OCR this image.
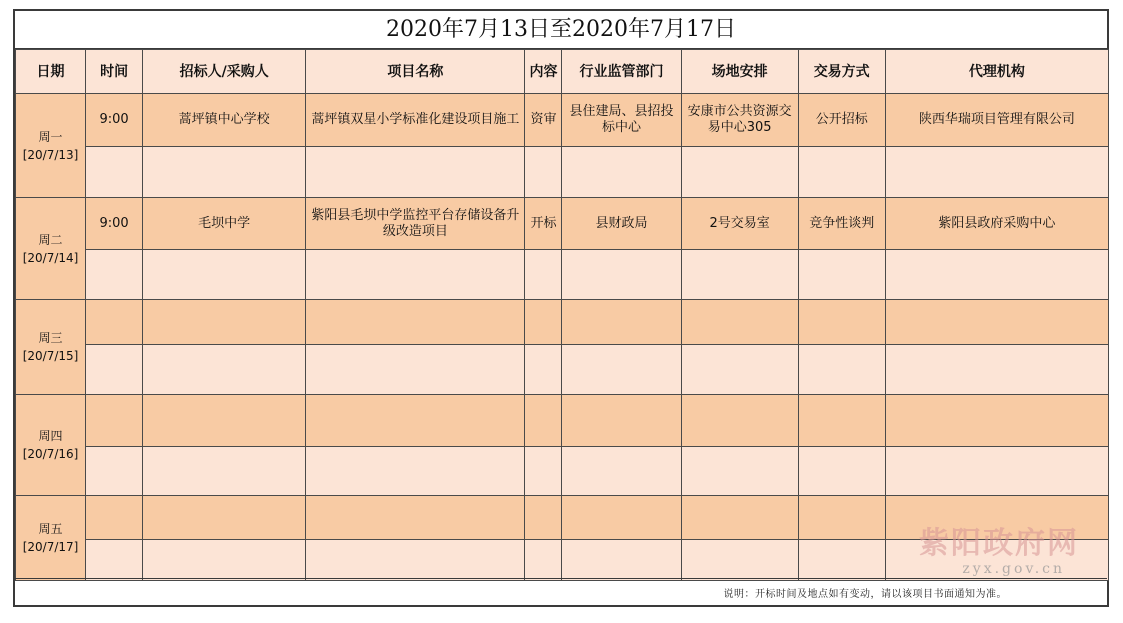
2020年7月13日至2020年7月17日
日期	时间	招标人/采购人	项目名称	内容	行业监管部门	场地安排	交易方式	代理机构
周一
[20/7/13]	9:00	蒿坪镇中心学校	蒿坪镇双星小学标准化建设项目施工	资审	县住建局、县招投标中心	安康市公共资源交易中心305	公开招标	陕西华瑞项目管理有限公司

周二
[20/7/14]	9:00	毛坝中学	紫阳县毛坝中学监控平台存储设备升级改造项目	开标	县财政局	2号交易室	竞争性谈判	紫阳县政府采购中心

周三
[20/7/15]								

周四
[20/7/16]								

周五
[20/7/17]								

说明：开标时间及地点如有变动，请以该项目书面通知为准。
紫阳政府网
zyx.gov.cn
